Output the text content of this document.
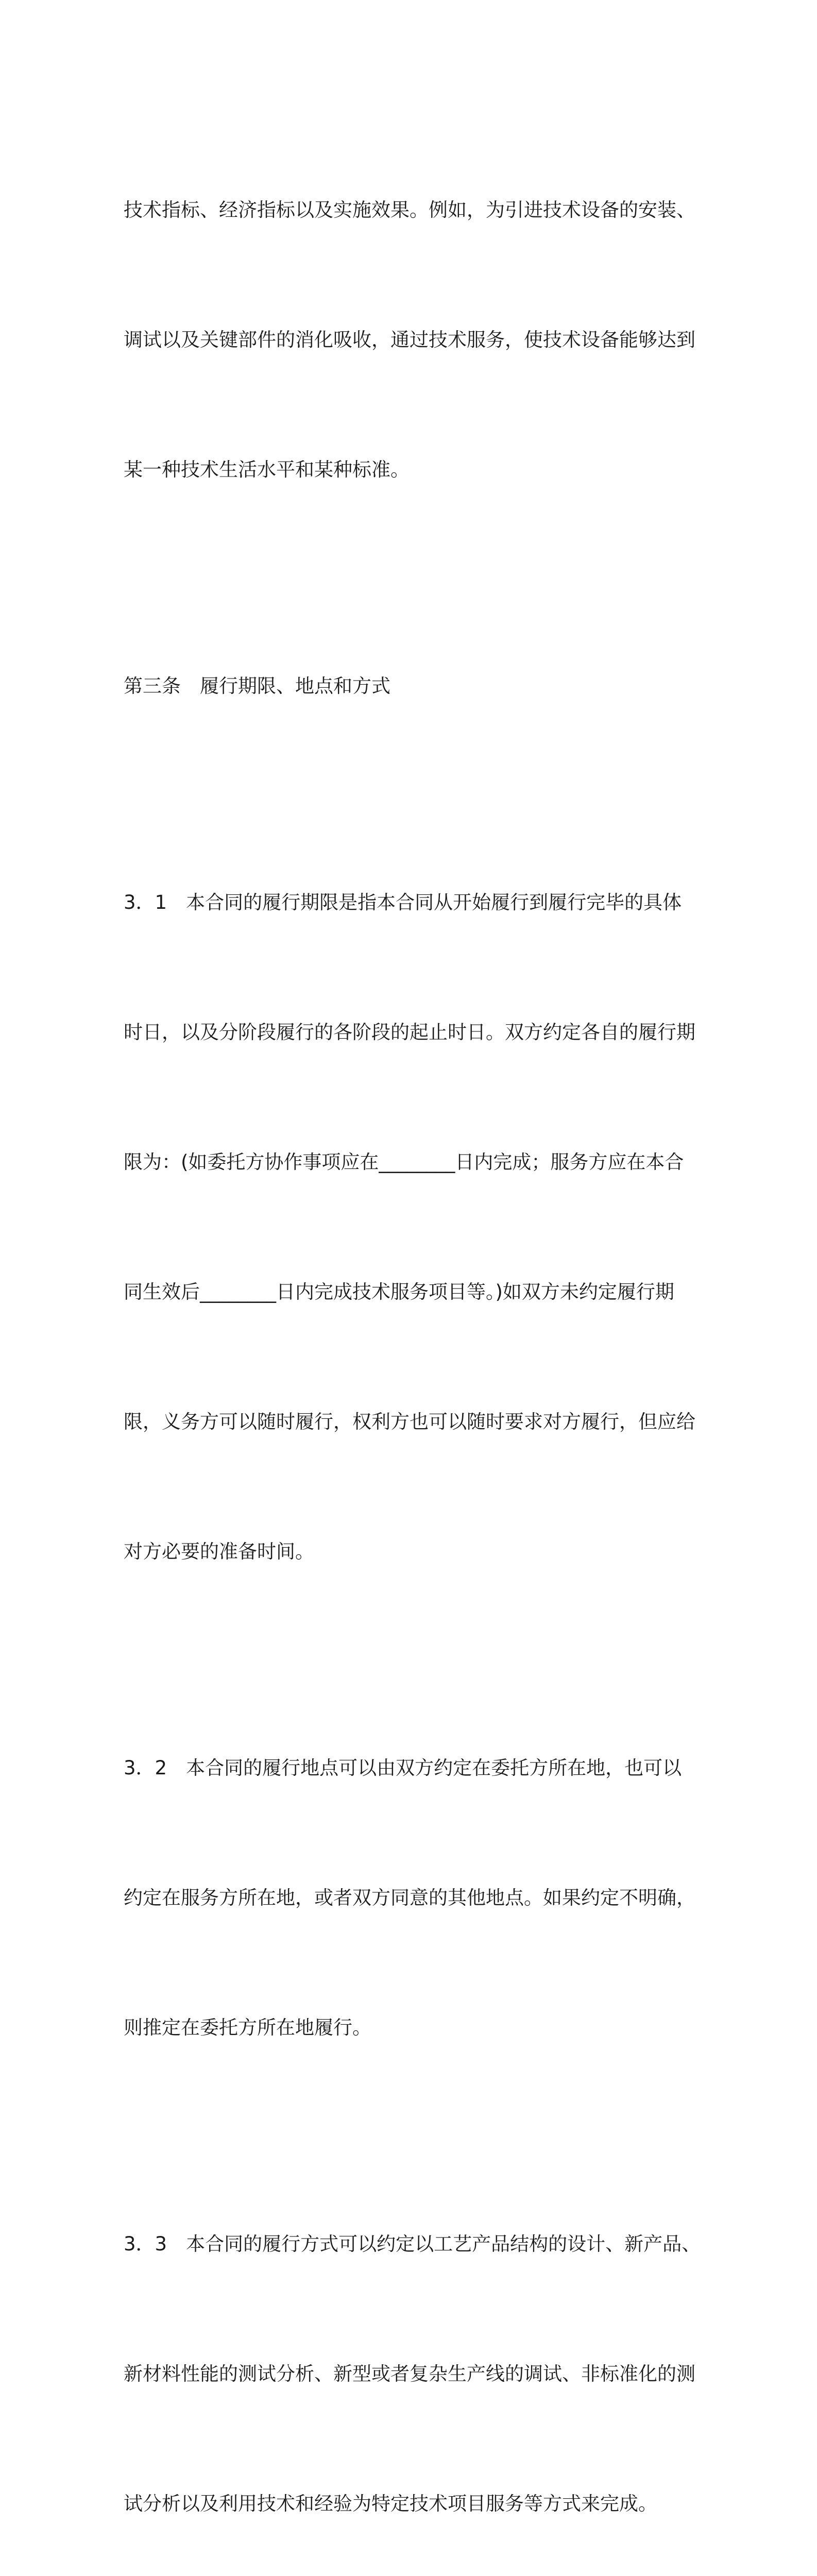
技术指标、经济指标以及实施效果。例如，为引进技术设备的安装、

调试以及关键部件的消化吸收，通过技术服务，使技术设备能够达到

某一种技术生活水平和某种标准。

第三条　履行期限、地点和方式

3．1　本合同的履行期限是指本合同从开始履行到履行完毕的具体

时日，以及分阶段履行的各阶段的起止时日。双方约定各自的履行期

限为：(如委托方协作事项应在________日内完成；服务方应在本合

同生效后________日内完成技术服务项目等。)如双方未约定履行期

限，义务方可以随时履行，权利方也可以随时要求对方履行，但应给

对方必要的准备时间。

3．2　本合同的履行地点可以由双方约定在委托方所在地，也可以

约定在服务方所在地，或者双方同意的其他地点。如果约定不明确，

则推定在委托方所在地履行。

3．3　本合同的履行方式可以约定以工艺产品结构的设计、新产品、

新材料性能的测试分析、新型或者复杂生产线的调试、非标准化的测

试分析以及利用技术和经验为特定技术项目服务等方式来完成。
